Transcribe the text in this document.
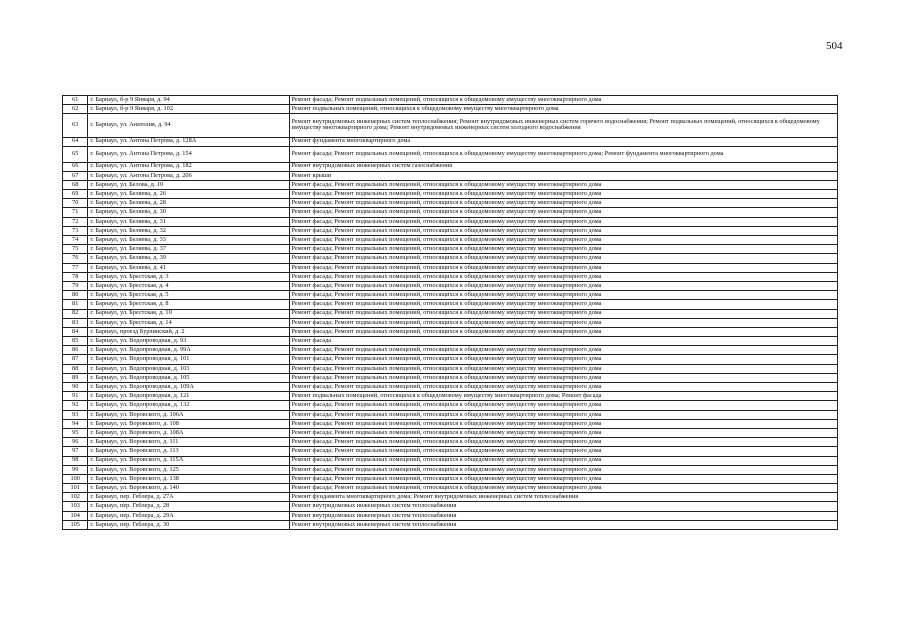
504
61	г. Барнаул, б-р 9 Января, д. 94	Ремонт фасада; Ремонт подвальных помещений, относящихся к общедомовому имуществу многоквартирного дома
62	г. Барнаул, б-р 9 Января, д. 102	Ремонт подвальных помещений, относящихся к общедомовому имуществу многоквартирного дома
63	г. Барнаул, ул. Анатолия, д. 94	Ремонт внутридомовых инженерных систем теплоснабжения; Ремонт внутридомовых инженерных систем горячего водоснабжения; Ремонт подвальных помещений, относящихся к общедомовому имуществу многоквартирного дома; Ремонт внутридомовых инженерных систем холодного водоснабжения
64	г. Барнаул, ул. Антона Петрова, д. 128А	Ремонт фундамента многоквартирного дома
65	г. Барнаул, ул. Антона Петрова, д. 154	Ремонт фасада; Ремонт подвальных помещений, относящихся к общедомовому имуществу многоквартирного дома; Ремонт фундамента многоквартирного дома
66	г. Барнаул, ул. Антона Петрова, д. 182	Ремонт внутридомовых инженерных систем газоснабжения
67	г. Барнаул, ул. Антона Петрова, д. 206	Ремонт крыши
68	г. Барнаул, ул. Белова, д. 10	Ремонт фасада; Ремонт подвальных помещений, относящихся к общедомовому имуществу многоквартирного дома
69	г. Барнаул, ул. Беляева, д. 26	Ремонт фасада; Ремонт подвальных помещений, относящихся к общедомовому имуществу многоквартирного дома
70	г. Барнаул, ул. Беляева, д. 28	Ремонт фасада; Ремонт подвальных помещений, относящихся к общедомовому имуществу многоквартирного дома
71	г. Барнаул, ул. Беляева, д. 30	Ремонт фасада; Ремонт подвальных помещений, относящихся к общедомовому имуществу многоквартирного дома
72	г. Барнаул, ул. Беляева, д. 31	Ремонт фасада; Ремонт подвальных помещений, относящихся к общедомовому имуществу многоквартирного дома
73	г. Барнаул, ул. Беляева, д. 32	Ремонт фасада; Ремонт подвальных помещений, относящихся к общедомовому имуществу многоквартирного дома
74	г. Барнаул, ул. Беляева, д. 33	Ремонт фасада; Ремонт подвальных помещений, относящихся к общедомовому имуществу многоквартирного дома
75	г. Барнаул, ул. Беляева, д. 37	Ремонт фасада; Ремонт подвальных помещений, относящихся к общедомовому имуществу многоквартирного дома
76	г. Барнаул, ул. Беляева, д. 39	Ремонт фасада; Ремонт подвальных помещений, относящихся к общедомовому имуществу многоквартирного дома
77	г. Барнаул, ул. Беляева, д. 41	Ремонт фасада; Ремонт подвальных помещений, относящихся к общедомовому имуществу многоквартирного дома
78	г. Барнаул, ул. Брестская, д. 3	Ремонт фасада; Ремонт подвальных помещений, относящихся к общедомовому имуществу многоквартирного дома
79	г. Барнаул, ул. Брестская, д. 4	Ремонт фасада; Ремонт подвальных помещений, относящихся к общедомовому имуществу многоквартирного дома
80	г. Барнаул, ул. Брестская, д. 5	Ремонт фасада; Ремонт подвальных помещений, относящихся к общедомовому имуществу многоквартирного дома
81	г. Барнаул, ул. Брестская, д. 8	Ремонт фасада; Ремонт подвальных помещений, относящихся к общедомовому имуществу многоквартирного дома
82	г. Барнаул, ул. Брестская, д. 10	Ремонт фасада; Ремонт подвальных помещений, относящихся к общедомовому имуществу многоквартирного дома
83	г. Барнаул, ул. Брестская, д. 14	Ремонт фасада; Ремонт подвальных помещений, относящихся к общедомовому имуществу многоквартирного дома
84	г. Барнаул, проезд Бурлинский, д. 2	Ремонт фасада; Ремонт подвальных помещений, относящихся к общедомовому имуществу многоквартирного дома
85	г. Барнаул, ул. Водопроводная, д. 93	Ремонт фасада
86	г. Барнаул, ул. Водопроводная, д. 99А	Ремонт фасада; Ремонт подвальных помещений, относящихся к общедомовому имуществу многоквартирного дома
87	г. Барнаул, ул. Водопроводная, д. 101	Ремонт фасада; Ремонт подвальных помещений, относящихся к общедомовому имуществу многоквартирного дома
88	г. Барнаул, ул. Водопроводная, д. 103	Ремонт фасада; Ремонт подвальных помещений, относящихся к общедомовому имуществу многоквартирного дома
89	г. Барнаул, ул. Водопроводная, д. 105	Ремонт фасада; Ремонт подвальных помещений, относящихся к общедомовому имуществу многоквартирного дома
90	г. Барнаул, ул. Водопроводная, д. 109А	Ремонт фасада; Ремонт подвальных помещений, относящихся к общедомовому имуществу многоквартирного дома
91	г. Барнаул, ул. Водопроводная, д. 121	Ремонт подвальных помещений, относящихся к общедомовому имуществу многоквартирного дома; Ремонт фасада
92	г. Барнаул, ул. Водопроводная, д. 132	Ремонт фасада; Ремонт подвальных помещений, относящихся к общедомовому имуществу многоквартирного дома
93	г. Барнаул, ул. Воровского, д. 106А	Ремонт фасада; Ремонт подвальных помещений, относящихся к общедомовому имуществу многоквартирного дома
94	г. Барнаул, ул. Воровского, д. 108	Ремонт фасада; Ремонт подвальных помещений, относящихся к общедомовому имуществу многоквартирного дома
95	г. Барнаул, ул. Воровского, д. 108А	Ремонт фасада; Ремонт подвальных помещений, относящихся к общедомовому имуществу многоквартирного дома
96	г. Барнаул, ул. Воровского, д. 111	Ремонт фасада; Ремонт подвальных помещений, относящихся к общедомовому имуществу многоквартирного дома
97	г. Барнаул, ул. Воровского, д. 113	Ремонт фасада; Ремонт подвальных помещений, относящихся к общедомовому имуществу многоквартирного дома
98	г. Барнаул, ул. Воровского, д. 115А	Ремонт фасада; Ремонт подвальных помещений, относящихся к общедомовому имуществу многоквартирного дома
99	г. Барнаул, ул. Воровского, д. 125	Ремонт фасада; Ремонт подвальных помещений, относящихся к общедомовому имуществу многоквартирного дома
100	г. Барнаул, ул. Воровского, д. 138	Ремонт фасада; Ремонт подвальных помещений, относящихся к общедомовому имуществу многоквартирного дома
101	г. Барнаул, ул. Воровского, д. 140	Ремонт фасада; Ремонт подвальных помещений, относящихся к общедомовому имуществу многоквартирного дома
102	г. Барнаул, пер. Геблера, д. 27А	Ремонт фундамента многоквартирного дома; Ремонт внутридомовых инженерных систем теплоснабжения
103	г. Барнаул, пер. Геблера, д. 28	Ремонт внутридомовых инженерных систем теплоснабжения
104	г. Барнаул, пер. Геблера, д. 29А	Ремонт внутридомовых инженерных систем теплоснабжения
105	г. Барнаул, пер. Геблера, д. 30	Ремонт внутридомовых инженерных систем теплоснабжения
